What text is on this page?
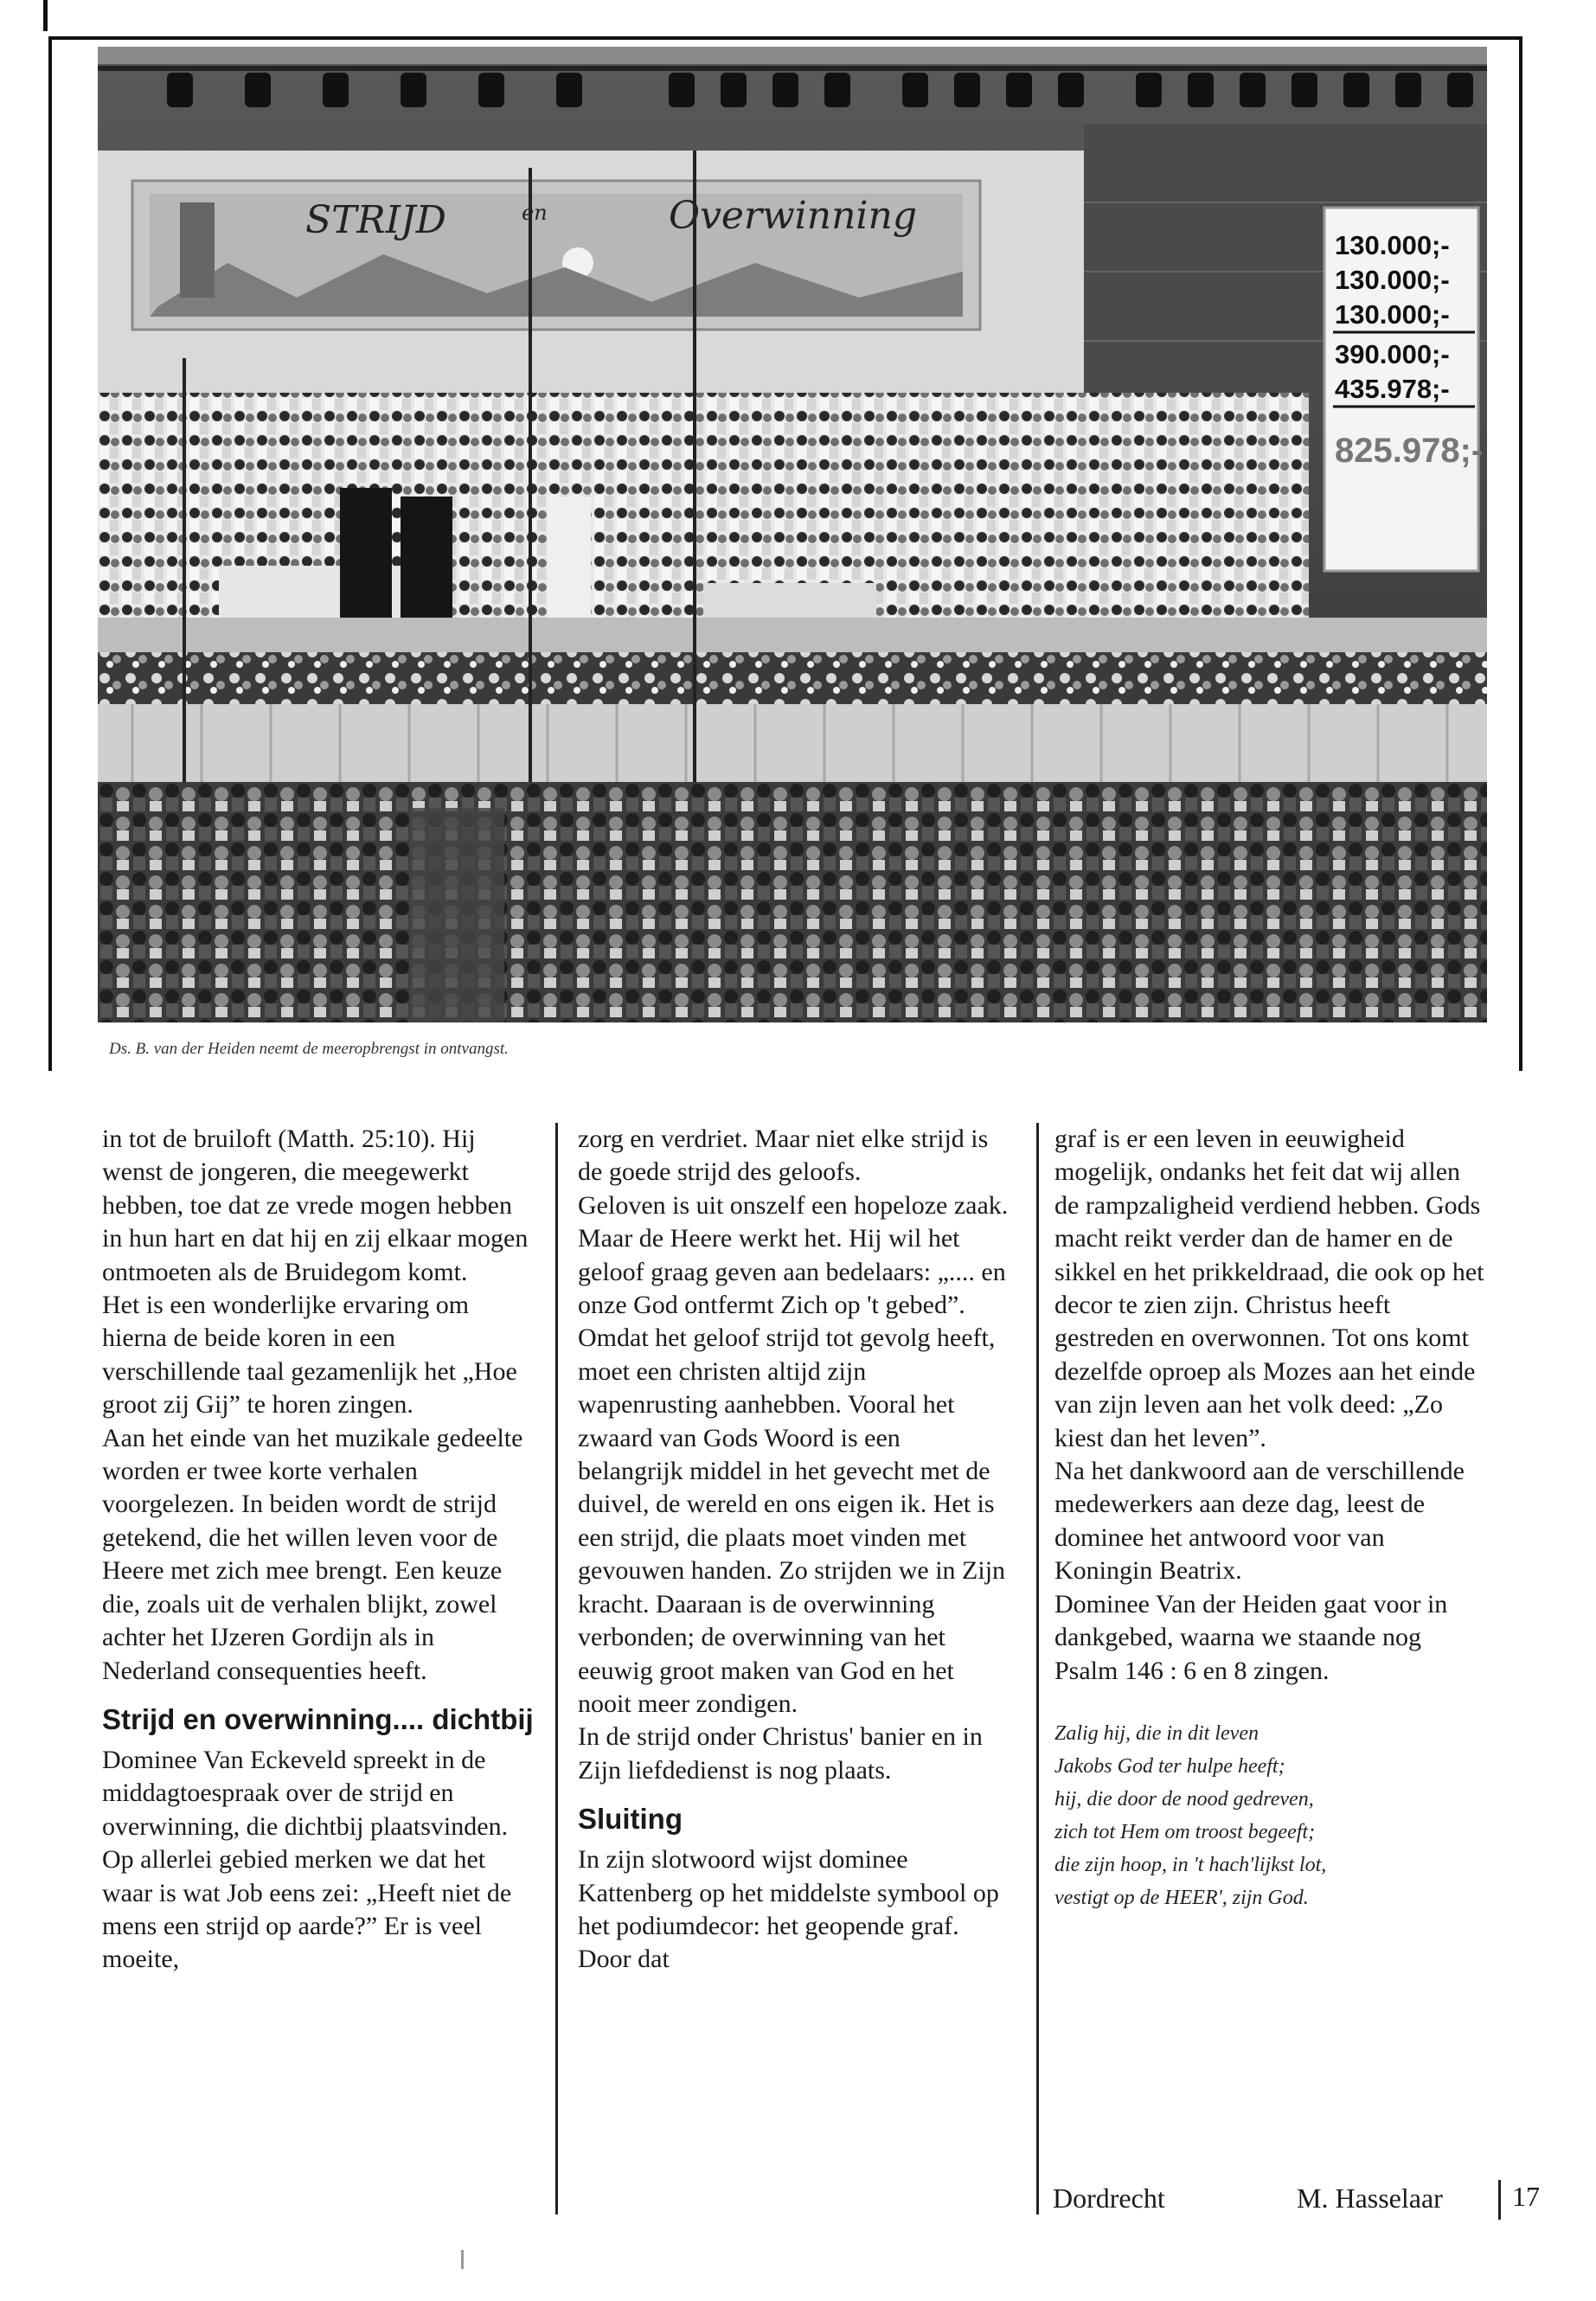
STRIJD	en	Overwinning
130.000;-
130.000;-
130.000;-
390.000;-
435.978;-
825.978;-
Ds. B. van der Heiden neemt de meeropbrengst in ontvangst.

in tot de bruiloft (Matth. 25:10). Hij wenst de jongeren, die meegewerkt hebben, toe dat ze vrede mogen hebben in hun hart en dat hij en zij elkaar mogen ontmoeten als de Bruidegom komt.

Het is een wonderlijke ervaring om hierna de beide koren in een verschillende taal gezamenlijk het „Hoe groot zij Gij” te horen zingen.

Aan het einde van het muzikale gedeelte worden er twee korte verhalen voorgelezen. In beiden wordt de strijd getekend, die het willen leven voor de Heere met zich mee brengt. Een keuze die, zoals uit de verhalen blijkt, zowel achter het IJzeren Gordijn als in Nederland consequenties heeft.

Strijd en overwinning.... dichtbij

Dominee Van Eckeveld spreekt in de middagtoespraak over de strijd en overwinning, die dichtbij plaatsvinden. Op allerlei gebied merken we dat het waar is wat Job eens zei: „Heeft niet de mens een strijd op aarde?” Er is veel moeite,

zorg en verdriet. Maar niet elke strijd is de goede strijd des geloofs.

Geloven is uit onszelf een hopeloze zaak. Maar de Heere werkt het. Hij wil het geloof graag geven aan bedelaars: „.... en onze God ontfermt Zich op 't gebed”.

Omdat het geloof strijd tot gevolg heeft, moet een christen altijd zijn wapenrusting aanhebben. Vooral het zwaard van Gods Woord is een belangrijk middel in het gevecht met de duivel, de wereld en ons eigen ik. Het is een strijd, die plaats moet vinden met gevouwen handen. Zo strijden we in Zijn kracht. Daaraan is de overwinning verbonden; de overwinning van het eeuwig groot maken van God en het nooit meer zondigen.

In de strijd onder Christus' banier en in Zijn liefdedienst is nog plaats.

Sluiting

In zijn slotwoord wijst dominee Kattenberg op het middelste symbool op het podiumdecor: het geopende graf. Door dat

graf is er een leven in eeuwigheid mogelijk, ondanks het feit dat wij allen de rampzaligheid verdiend hebben. Gods macht reikt verder dan de hamer en de sikkel en het prikkeldraad, die ook op het decor te zien zijn. Christus heeft gestreden en overwonnen. Tot ons komt dezelfde oproep als Mozes aan het einde van zijn leven aan het volk deed: „Zo kiest dan het leven”.

Na het dankwoord aan de verschillende medewerkers aan deze dag, leest de dominee het antwoord voor van Koningin Beatrix.

Dominee Van der Heiden gaat voor in dankgebed, waarna we staande nog Psalm 146 : 6 en 8 zingen.

Zalig hij, die in dit leven
Jakobs God ter hulpe heeft;
hij, die door de nood gedreven,
zich tot Hem om troost begeeft;
die zijn hoop, in 't hach'lijkst lot,
vestigt op de HEER', zijn God.

Dordrecht	M. Hasselaar	17
